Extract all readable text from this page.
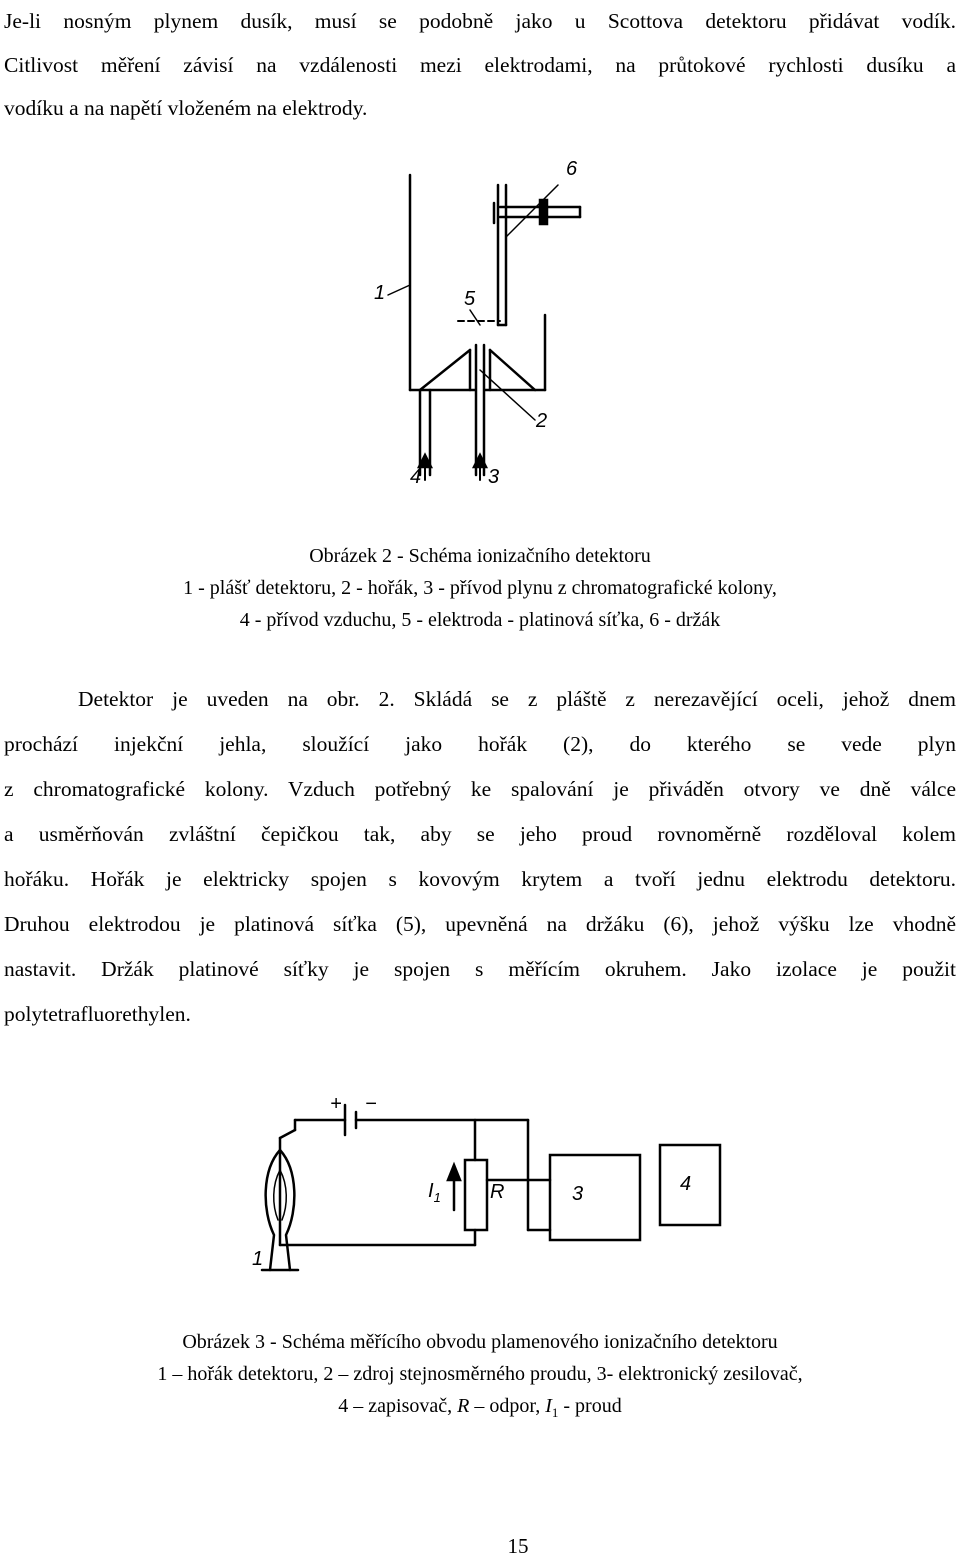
Je-li nosným plynem dusík, musí se podobně jako u Scottova detektoru přidávat vodík.
Citlivost měření závisí na vzdálenosti mezi elektrodami, na průtokové rychlosti dusíku a
vodíku a na napětí vloženém na elektrody.
1	5
6
2
4	3
Obrázek 2 - Schéma ionizačního detektoru
1 - plášť detektoru, 2 - hořák, 3 - přívod plynu z chromatografické kolony,
4 - přívod vzduchu, 5 - elektroda - platinová síťka, 6 - držák
Detektor je uveden na obr. 2. Skládá se z pláště z nerezavějící oceli, jehož dnem
prochází injekční jehla, sloužící jako hořák (2), do kterého se vede plyn
z chromatografické kolony. Vzduch potřebný ke spalování je přiváděn otvory ve dně válce
a usměrňován zvláštní čepičkou tak, aby se jeho proud rovnoměrně rozděloval kolem
hořáku. Hořák je elektricky spojen s kovovým krytem a tvoří jednu elektrodu detektoru.
Druhou elektrodou je platinová síťka (5), upevněná na držáku (6), jehož výšku lze vhodně
nastavit. Držák platinové síťky je spojen s měřícím okruhem. Jako izolace je použit
polytetrafluorethylen.
+ −
$I_1$ R	3	4
1
Obrázek 3 - Schéma měřícího obvodu plamenového ionizačního detektoru
1 – hořák detektoru, 2 – zdroj stejnosměrného proudu, 3- elektronický zesilovač,
4 – zapisovač, R – odpor, $I_1$ - proud
15
